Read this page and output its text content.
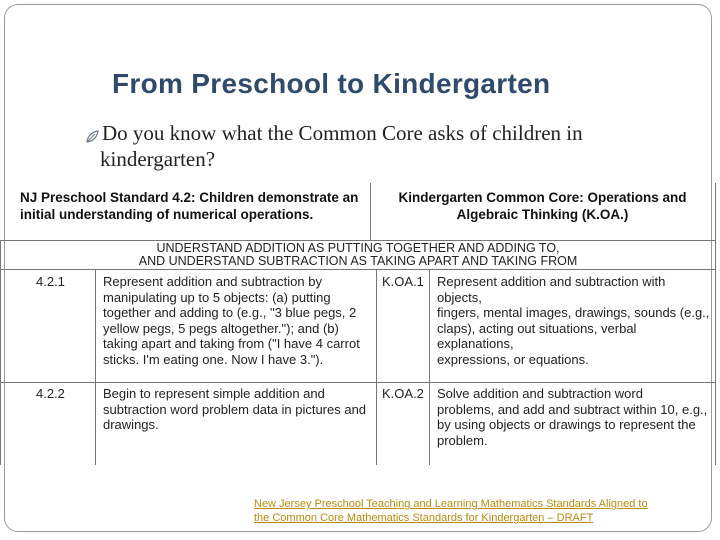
From Preschool to Kindergarten
Do you know what the Common Core asks of children in
kindergarten?
NJ Preschool Standard 4.2: Children demonstrate an
initial understanding of numerical operations.
Kindergarten Common Core: Operations and
Algebraic Thinking (K.OA.)
UNDERSTAND ADDITION AS PUTTING TOGETHER AND ADDING TO,
AND UNDERSTAND SUBTRACTION AS TAKING APART AND TAKING FROM
4.2.1	Represent addition and subtraction by
manipulating up to 5 objects: (a) putting
together and adding to (e.g., "3 blue pegs, 2
yellow pegs, 5 pegs altogether."); and (b)
taking apart and taking from ("I have 4 carrot
sticks. I'm eating one. Now I have 3.").
K.OA.1 Represent addition and subtraction with objects,
fingers, mental images, drawings, sounds (e.g.,
claps), acting out situations, verbal explanations,
expressions, or equations.
4.2.2	Begin to represent simple addition and
subtraction word problem data in pictures and
drawings.
K.OA.2 Solve addition and subtraction word
problems, and add and subtract within 10, e.g.,
by using objects or drawings to represent the
problem.
New Jersey Preschool Teaching and Learning Mathematics Standards Aligned to
the Common Core Mathematics Standards for Kindergarten – DRAFT
